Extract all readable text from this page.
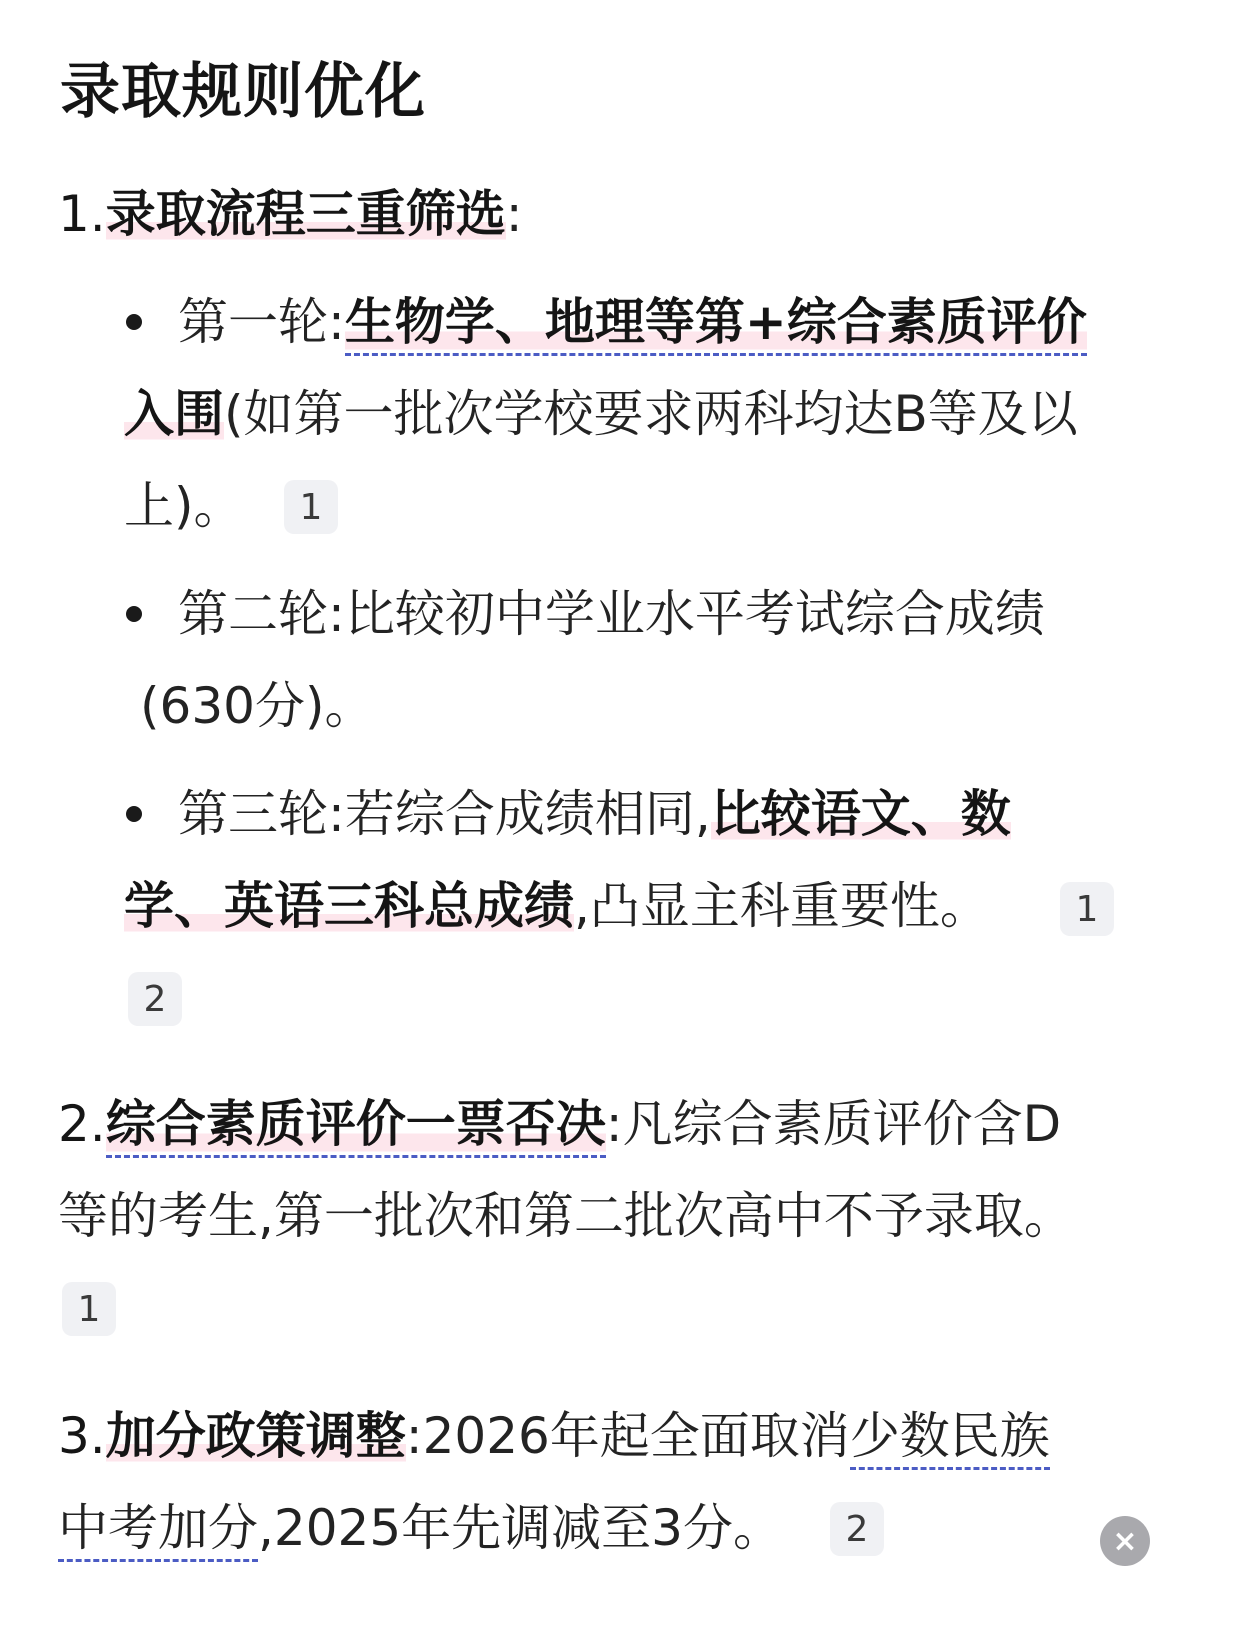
录取规则优化
1.录取流程三重筛选:
第一轮:生物学、地理等第+综合素质评价
入围(如第一批次学校要求两科均达B等及以
上)。	1
第二轮:比较初中学业水平考试综合成绩
(630分)。
第三轮:若综合成绩相同,比较语文、数
学、英语三科总成绩,凸显主科重要性。	1
2
2.综合素质评价一票否决:凡综合素质评价含D
等的考生,第一批次和第二批次高中不予录取。
1
3.加分政策调整:2026年起全面取消少数民族
中考加分,2025年先调减至3分。	2	×
